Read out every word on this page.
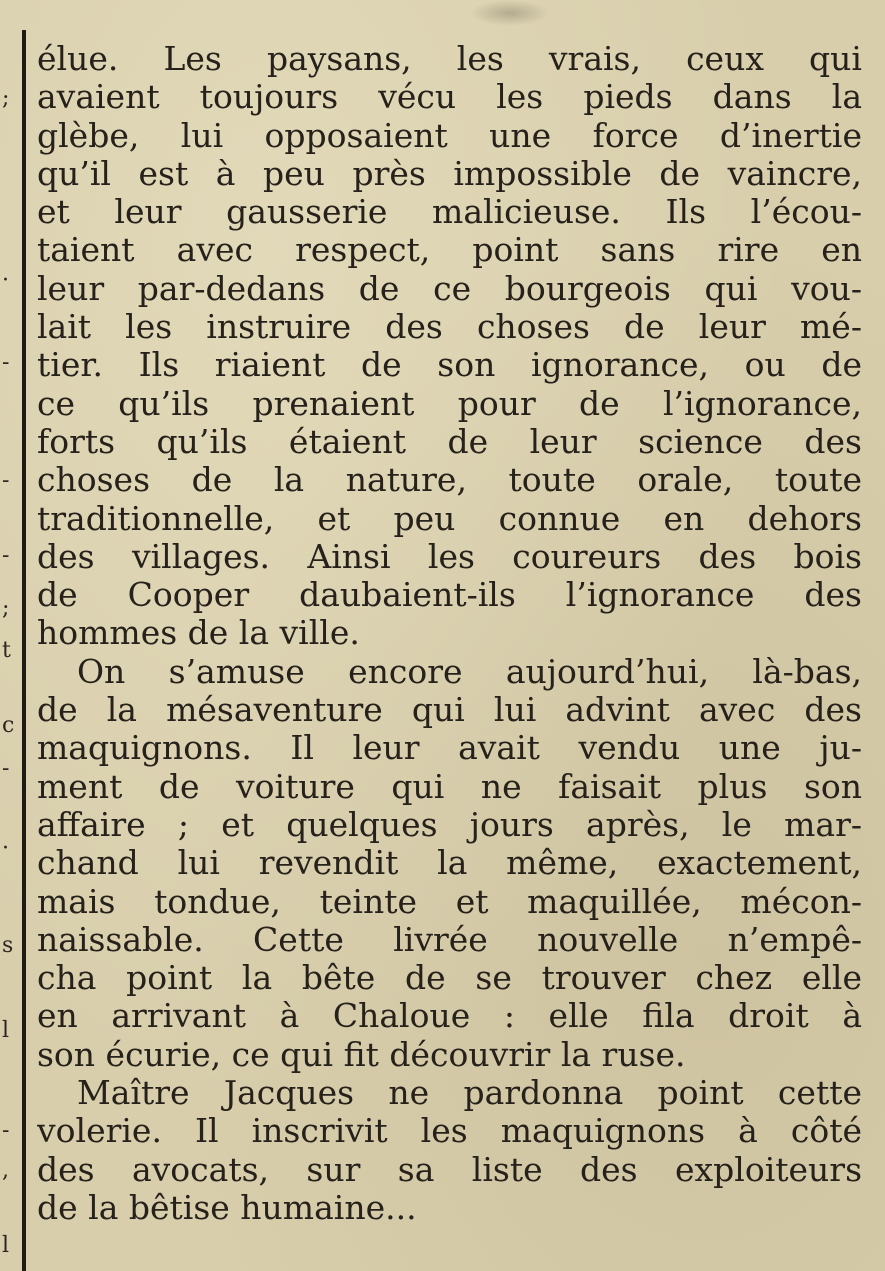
;
·
-
-
-
;
t
c
-
·
s
l
-
,
l
élue. Les paysans, les vrais, ceux qui
avaient toujours vécu les pieds dans la
glèbe, lui opposaient une force d’inertie
qu’il est à peu près impossible de vaincre,
et leur gausserie malicieuse. Ils l’écou-
taient avec respect, point sans rire en
leur par-dedans de ce bourgeois qui vou-
lait les instruire des choses de leur mé-
tier. Ils riaient de son ignorance, ou de
ce qu’ils prenaient pour de l’ignorance,
forts qu’ils étaient de leur science des
choses de la nature, toute orale, toute
traditionnelle, et peu connue en dehors
des villages. Ainsi les coureurs des bois
de Cooper daubaient-ils l’ignorance des
hommes de la ville.
On s’amuse encore aujourd’hui, là-bas,
de la mésaventure qui lui advint avec des
maquignons. Il leur avait vendu une ju-
ment de voiture qui ne faisait plus son
affaire ; et quelques jours après, le mar-
chand lui revendit la même, exactement,
mais tondue, teinte et maquillée, mécon-
naissable. Cette livrée nouvelle n’empê-
cha point la bête de se trouver chez elle
en arrivant à Chaloue : elle fila droit à
son écurie, ce qui fit découvrir la ruse.
Maître Jacques ne pardonna point cette
volerie. Il inscrivit les maquignons à côté
des avocats, sur sa liste des exploiteurs
de la bêtise humaine...
